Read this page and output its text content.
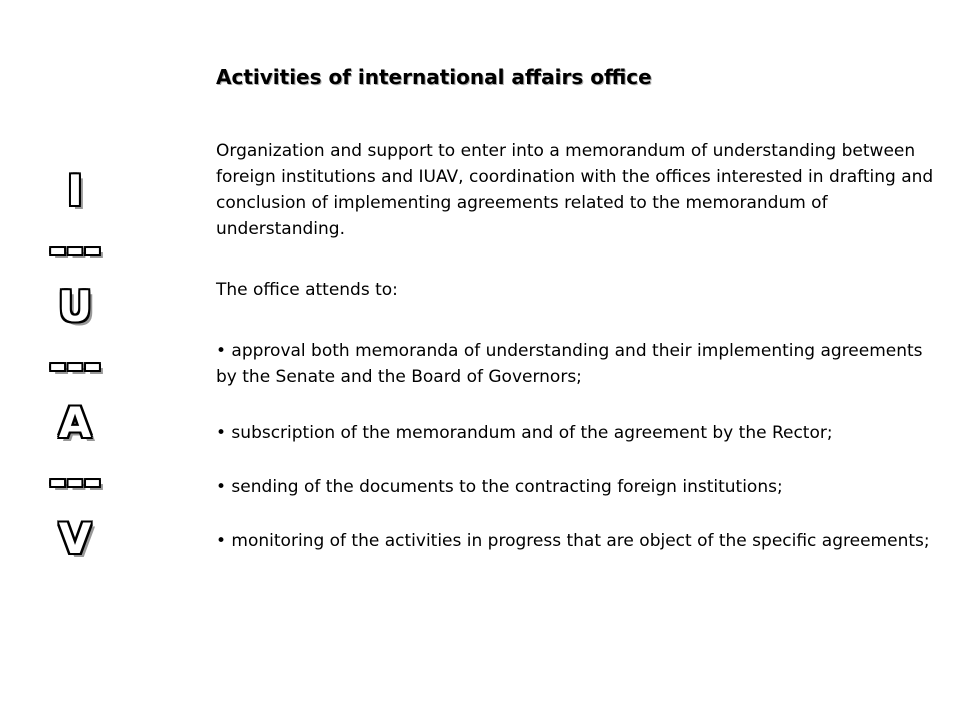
I
---
U
---
A
---
V
Activities of international affairs office

Organization and support to enter into a memorandum of understanding between foreign institutions and IUAV, coordination with the offices interested in drafting and conclusion of implementing agreements related to the memorandum of understanding.

The office attends to:

• approval both memoranda of understanding and their implementing agreements by the Senate and the Board of Governors;

• subscription of the memorandum and of the agreement by the Rector;

• sending of the documents to the contracting foreign institutions;

• monitoring of the activities in progress that are object of the specific agreements;
